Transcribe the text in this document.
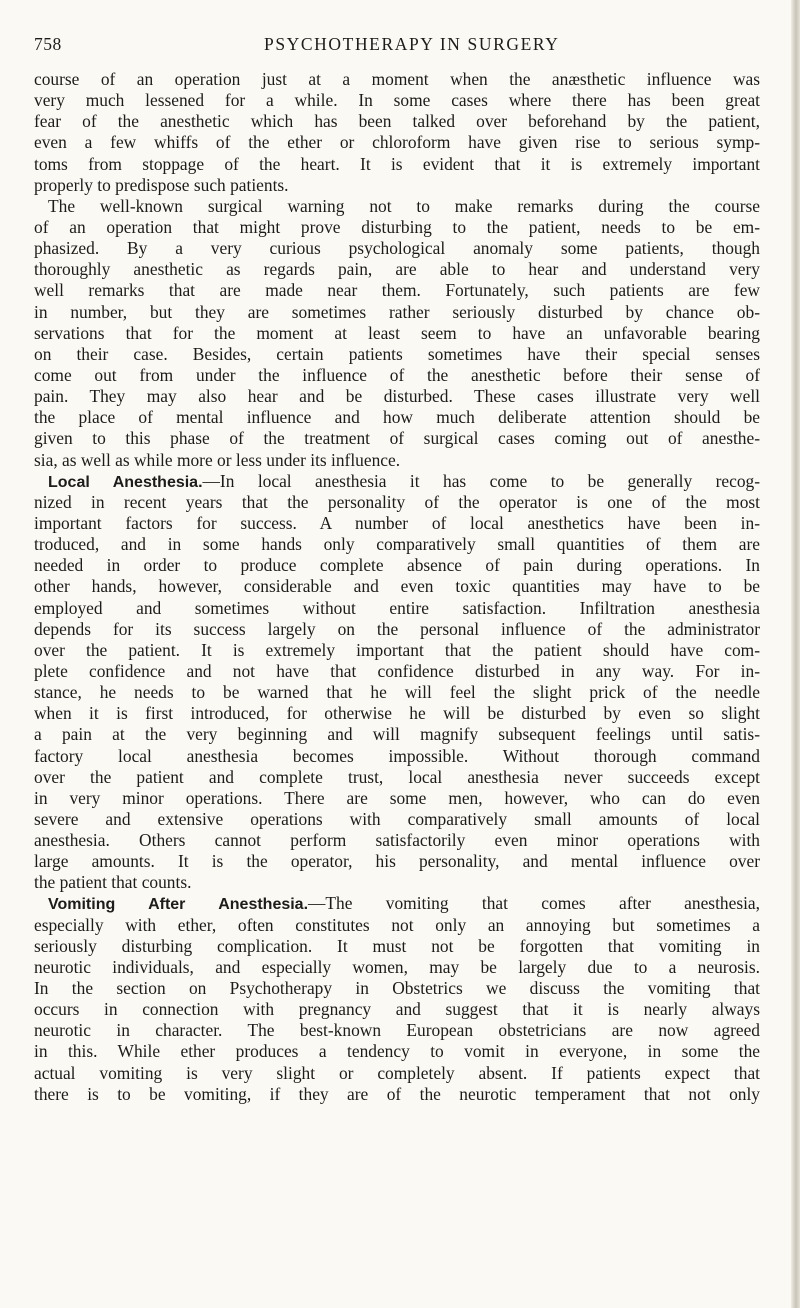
758	PSYCHOTHERAPY IN SURGERY
course of an operation just at a moment when the anæsthetic influence was
very much lessened for a while. In some cases where there has been great
fear of the anesthetic which has been talked over beforehand by the patient,
even a few whiffs of the ether or chloroform have given rise to serious symp-
toms from stoppage of the heart. It is evident that it is extremely important
properly to predispose such patients.
The well-known surgical warning not to make remarks during the course
of an operation that might prove disturbing to the patient, needs to be em-
phasized. By a very curious psychological anomaly some patients, though
thoroughly anesthetic as regards pain, are able to hear and understand very
well remarks that are made near them. Fortunately, such patients are few
in number, but they are sometimes rather seriously disturbed by chance ob-
servations that for the moment at least seem to have an unfavorable bearing
on their case. Besides, certain patients sometimes have their special senses
come out from under the influence of the anesthetic before their sense of
pain. They may also hear and be disturbed. These cases illustrate very well
the place of mental influence and how much deliberate attention should be
given to this phase of the treatment of surgical cases coming out of anesthe-
sia, as well as while more or less under its influence.
Local Anesthesia.—In local anesthesia it has come to be generally recog-
nized in recent years that the personality of the operator is one of the most
important factors for success. A number of local anesthetics have been in-
troduced, and in some hands only comparatively small quantities of them are
needed in order to produce complete absence of pain during operations. In
other hands, however, considerable and even toxic quantities may have to be
employed and sometimes without entire satisfaction. Infiltration anesthesia
depends for its success largely on the personal influence of the administrator
over the patient. It is extremely important that the patient should have com-
plete confidence and not have that confidence disturbed in any way. For in-
stance, he needs to be warned that he will feel the slight prick of the needle
when it is first introduced, for otherwise he will be disturbed by even so slight
a pain at the very beginning and will magnify subsequent feelings until satis-
factory local anesthesia becomes impossible. Without thorough command
over the patient and complete trust, local anesthesia never succeeds except
in very minor operations. There are some men, however, who can do even
severe and extensive operations with comparatively small amounts of local
anesthesia. Others cannot perform satisfactorily even minor operations with
large amounts. It is the operator, his personality, and mental influence over
the patient that counts.
Vomiting After Anesthesia.—The vomiting that comes after anesthesia,
especially with ether, often constitutes not only an annoying but sometimes a
seriously disturbing complication. It must not be forgotten that vomiting in
neurotic individuals, and especially women, may be largely due to a neurosis.
In the section on Psychotherapy in Obstetrics we discuss the vomiting that
occurs in connection with pregnancy and suggest that it is nearly always
neurotic in character. The best-known European obstetricians are now agreed
in this. While ether produces a tendency to vomit in everyone, in some the
actual vomiting is very slight or completely absent. If patients expect that
there is to be vomiting, if they are of the neurotic temperament that not only
